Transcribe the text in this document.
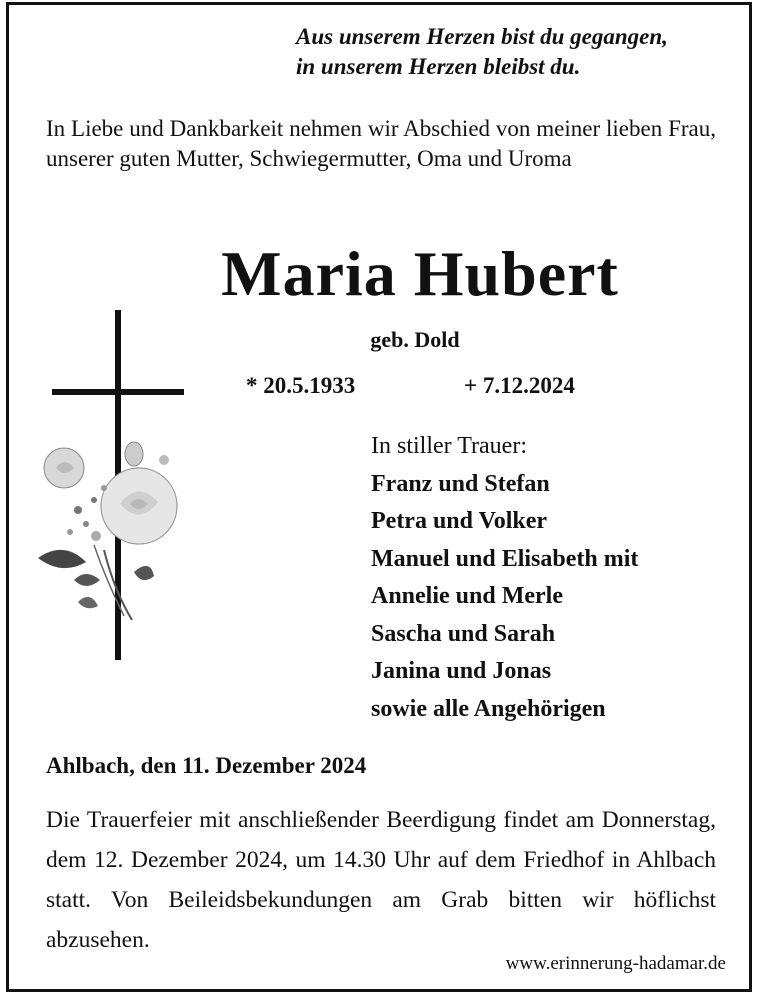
Aus unserem Herzen bist du gegangen,
in unserem Herzen bleibst du.
In Liebe und Dankbarkeit nehmen wir Abschied von meiner lieben Frau, unserer guten Mutter, Schwiegermutter, Oma und Uroma
Maria Hubert
geb. Dold
* 20.5.1933	+ 7.12.2024
In stiller Trauer:
Franz und Stefan
Petra und Volker
Manuel und Elisabeth mit
Annelie und Merle
Sascha und Sarah
Janina und Jonas
sowie alle Angehörigen
Ahlbach, den 11. Dezember 2024
Die Trauerfeier mit anschließender Beerdigung findet am Donnerstag, dem 12. Dezember 2024, um 14.30 Uhr auf dem Friedhof in Ahlbach statt. Von Beileidsbekundungen am Grab bitten wir höflichst abzusehen.
www.erinnerung-hadamar.de
